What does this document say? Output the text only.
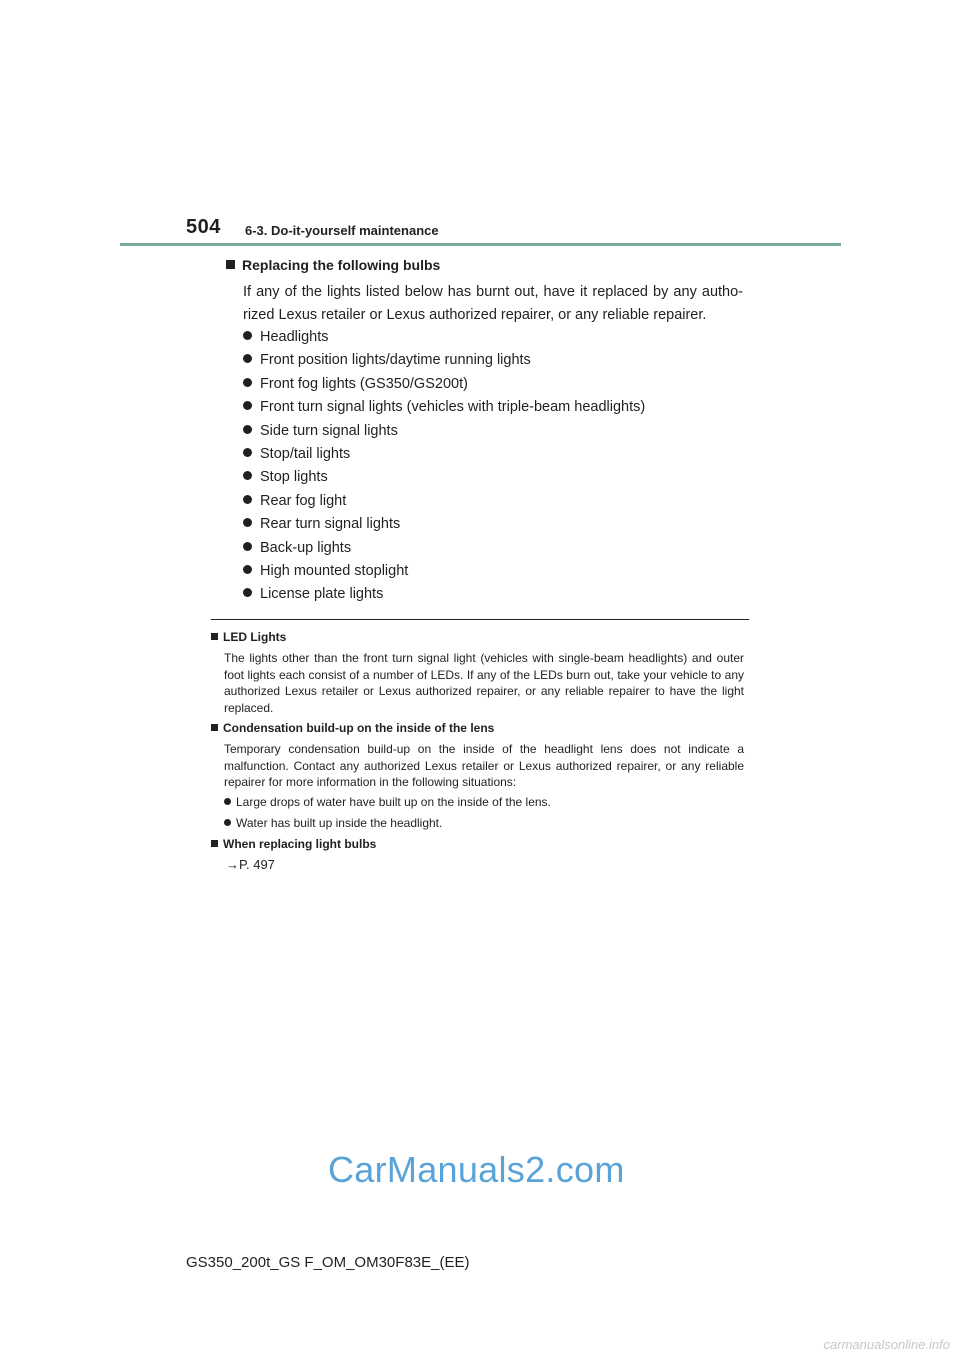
504 6-3. Do-it-yourself maintenance
Replacing the following bulbs
If any of the lights listed below has burnt out, have it replaced by any autho-rized Lexus retailer or Lexus authorized repairer, or any reliable repairer.
Headlights
Front position lights/daytime running lights
Front fog lights (GS350/GS200t)
Front turn signal lights (vehicles with triple-beam headlights)
Side turn signal lights
Stop/tail lights
Stop lights
Rear fog light
Rear turn signal lights
Back-up lights
High mounted stoplight
License plate lights
LED Lights
The lights other than the front turn signal light (vehicles with single-beam headlights) and outer foot lights each consist of a number of LEDs. If any of the LEDs burn out, take your vehicle to any authorized Lexus retailer or Lexus authorized repairer, or any reliable repairer to have the light replaced.
Condensation build-up on the inside of the lens
Temporary condensation build-up on the inside of the headlight lens does not indicate a malfunction. Contact any authorized Lexus retailer or Lexus authorized repairer, or any reliable repairer for more information in the following situations:
Large drops of water have built up on the inside of the lens.
Water has built up inside the headlight.
When replacing light bulbs
→P. 497
CarManuals2.com
GS350_200t_GS F_OM_OM30F83E_(EE)
carmanualsonline.info
